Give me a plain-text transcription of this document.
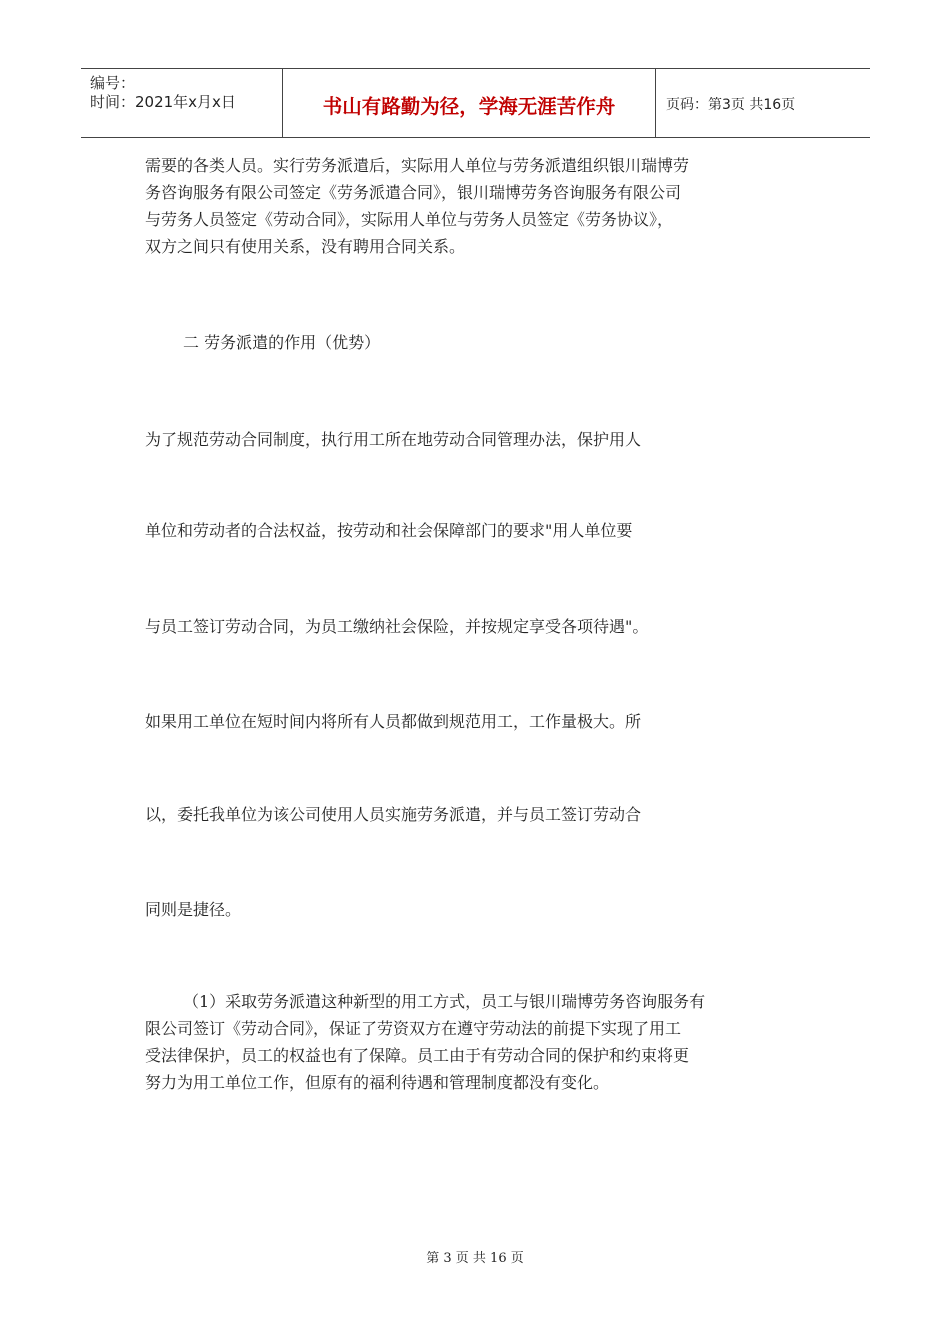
编号：
时间：2021年x月x日	书山有路勤为径，学海无涯苦作舟	页码：第3页 共16页
需要的各类人员。实行劳务派遣后，实际用人单位与劳务派遣组织银川瑞博劳
务咨询服务有限公司签定《劳务派遣合同》，银川瑞博劳务咨询服务有限公司
与劳务人员签定《劳动合同》，实际用人单位与劳务人员签定《劳务协议》，
双方之间只有使用关系，没有聘用合同关系。
二 劳务派遣的作用（优势）
为了规范劳动合同制度，执行用工所在地劳动合同管理办法，保护用人
单位和劳动者的合法权益，按劳动和社会保障部门的要求"用人单位要
与员工签订劳动合同，为员工缴纳社会保险，并按规定享受各项待遇"。
如果用工单位在短时间内将所有人员都做到规范用工，工作量极大。所
以，委托我单位为该公司使用人员实施劳务派遣，并与员工签订劳动合
同则是捷径。
（1）采取劳务派遣这种新型的用工方式，员工与银川瑞博劳务咨询服务有
限公司签订《劳动合同》，保证了劳资双方在遵守劳动法的前提下实现了用工
受法律保护，员工的权益也有了保障。员工由于有劳动合同的保护和约束将更
努力为用工单位工作，但原有的福利待遇和管理制度都没有变化。
第 3 页 共 16 页
